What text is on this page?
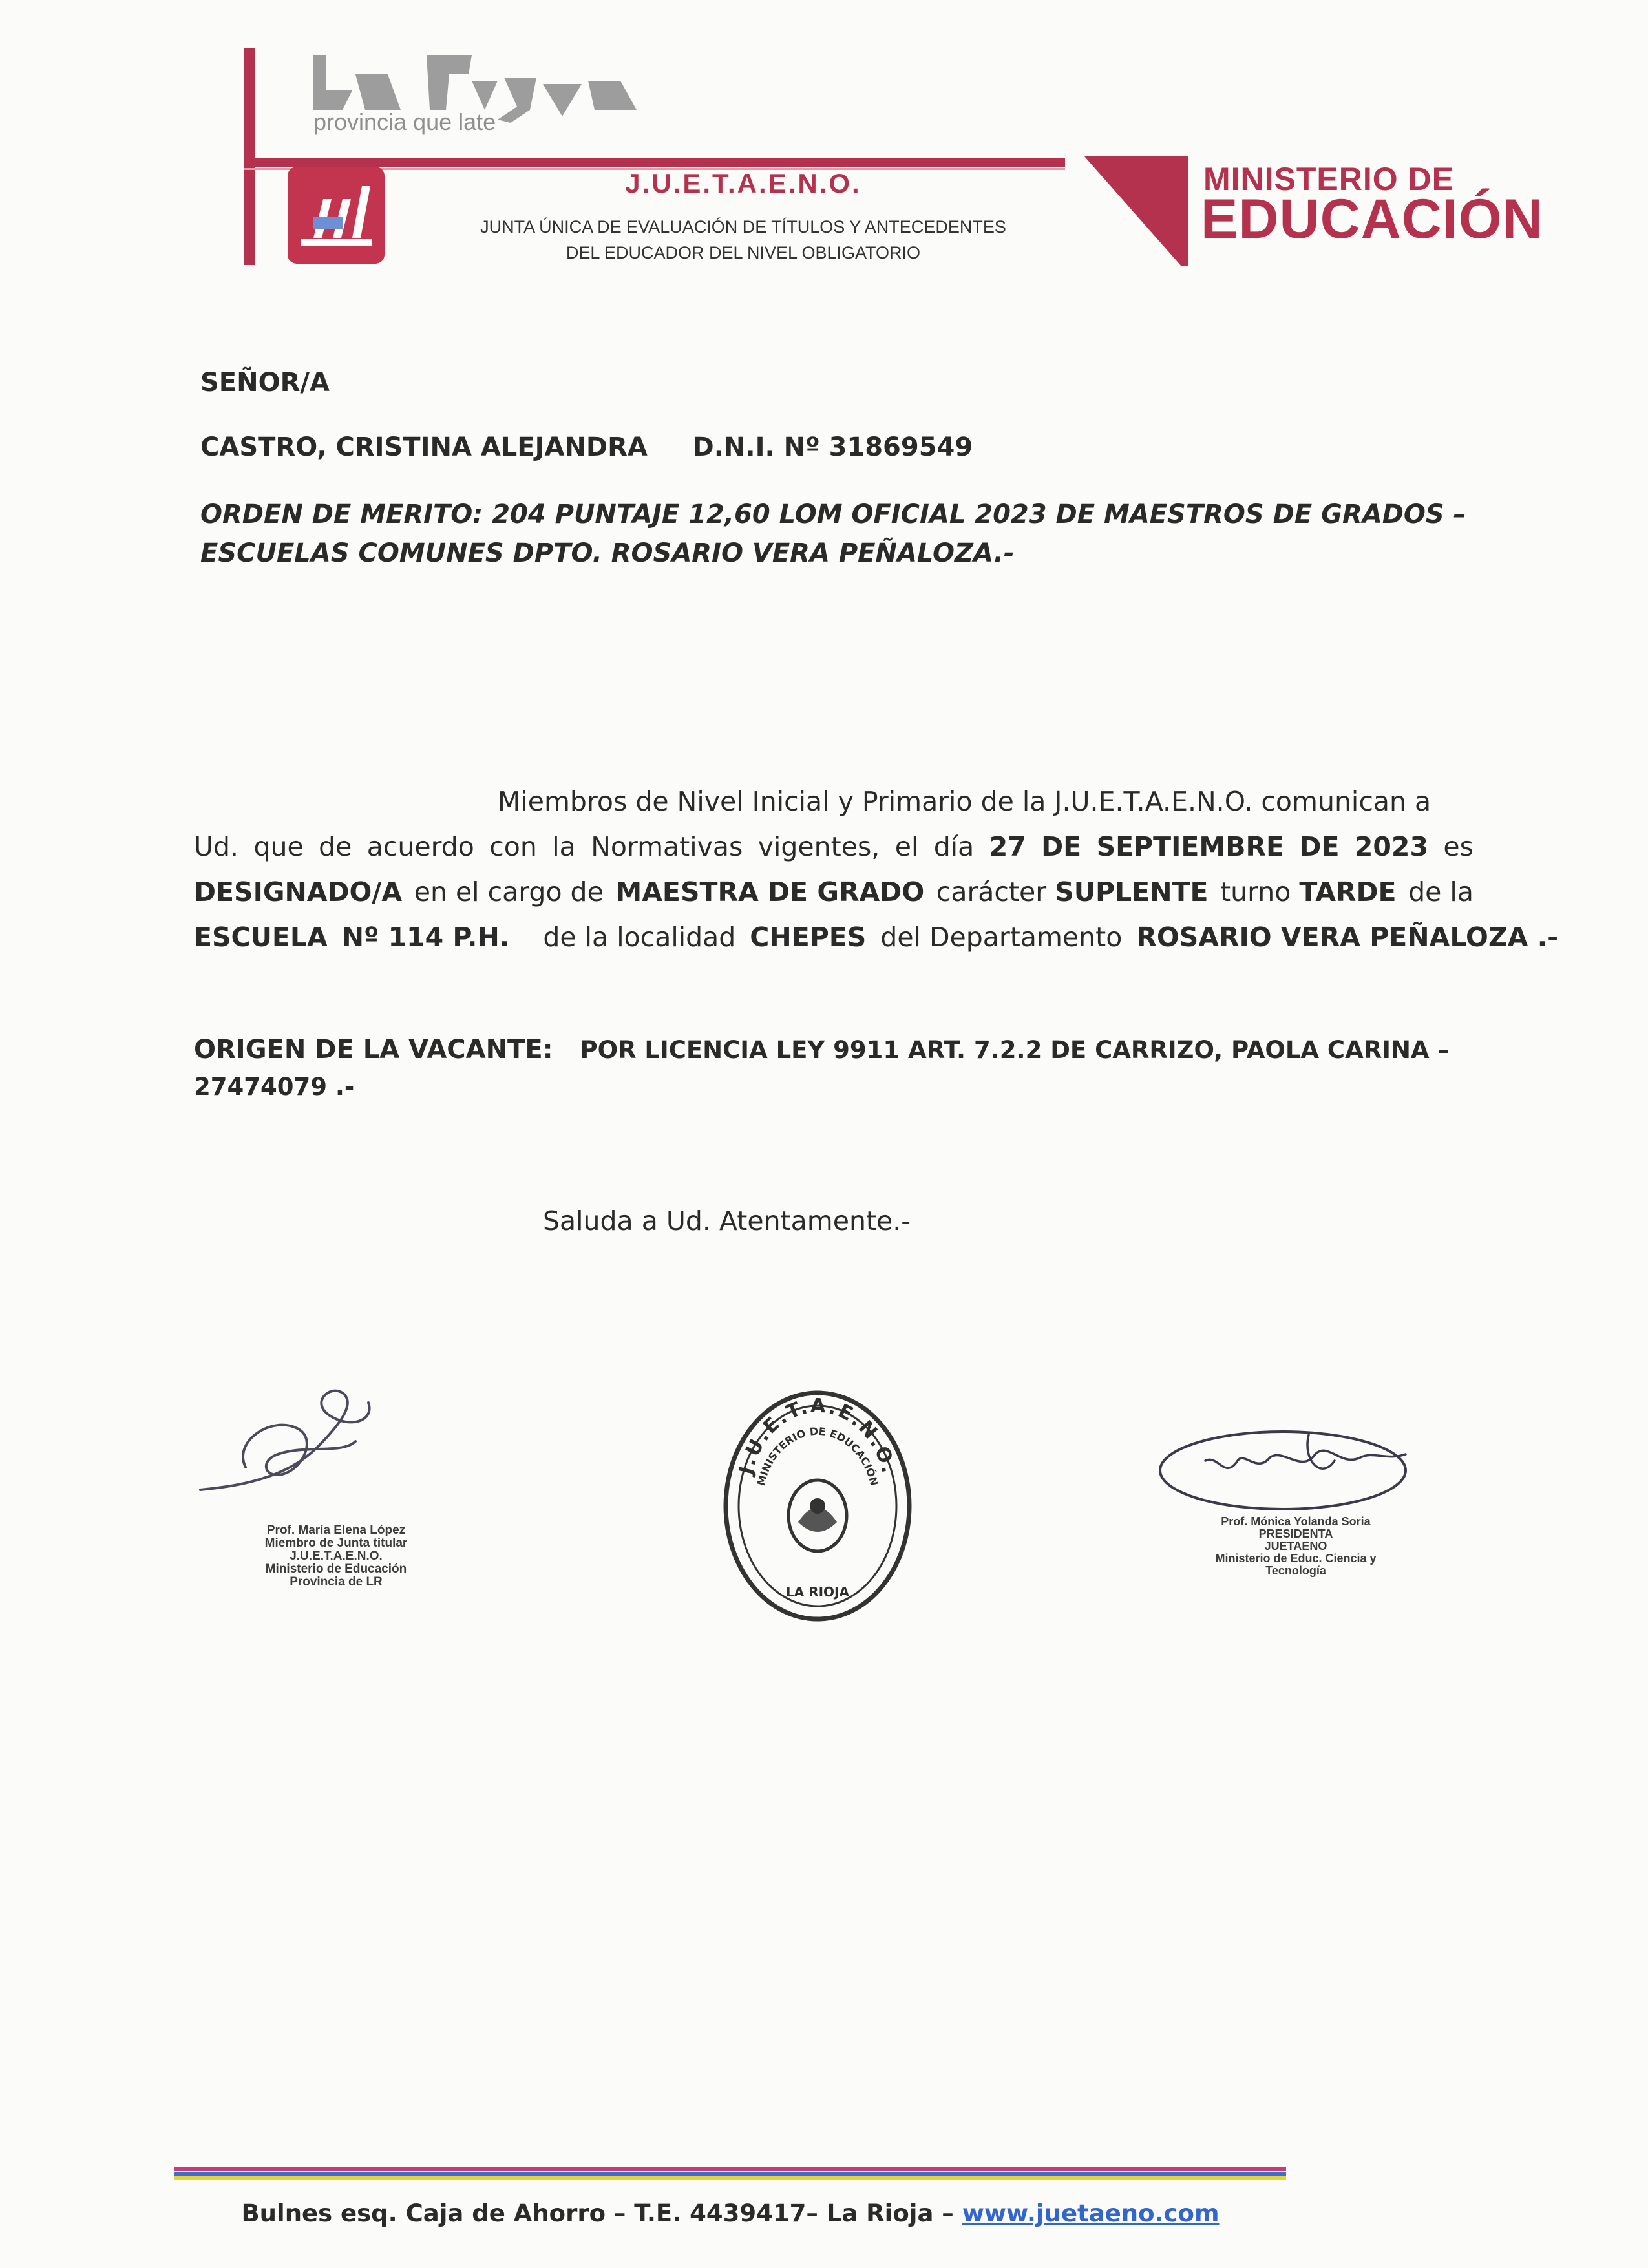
provincia que late
J.U.E.T.A.E.N.O.
JUNTA ÚNICA DE EVALUACIÓN DE TÍTULOS Y ANTECEDENTES
DEL EDUCADOR DEL NIVEL OBLIGATORIO
MINISTERIO DE
EDUCACIÓN
SEÑOR/A
CASTRO, CRISTINA ALEJANDRA D.N.I. Nº 31869549
ORDEN DE MERITO: 204 PUNTAJE 12,60 LOM OFICIAL 2023 DE MAESTROS DE GRADOS –
ESCUELAS COMUNES DPTO. ROSARIO VERA PEÑALOZA.-
Miembros de Nivel Inicial y Primario de la J.U.E.T.A.E.N.O. comunican a
Ud. que de acuerdo con la Normativas vigentes, el día 27 DE SEPTIEMBRE DE 2023 es
DESIGNADO/A en el cargo de MAESTRA DE GRADO carácter SUPLENTE turno TARDE de la
ESCUELA Nº 114 P.H. de la localidad CHEPES del Departamento ROSARIO VERA PEÑALOZA .-
ORIGEN DE LA VACANTE: POR LICENCIA LEY 9911 ART. 7.2.2 DE CARRIZO, PAOLA CARINA –
27474079 .-
Saluda a Ud. Atentamente.-
Prof. María Elena López
Miembro de Junta titular
J.U.E.T.A.E.N.O.
Ministerio de Educación
Provincia de LR
J.U.E.T.A.E.N.O.
MINISTERIO DE EDUCACIÓN
LA RIOJA
Prof. Mónica Yolanda Soria
PRESIDENTA
JUETAENO
Ministerio de Educ. Ciencia y Tecnología
Bulnes esq. Caja de Ahorro – T.E. 4439417– La Rioja – www.juetaeno.com
